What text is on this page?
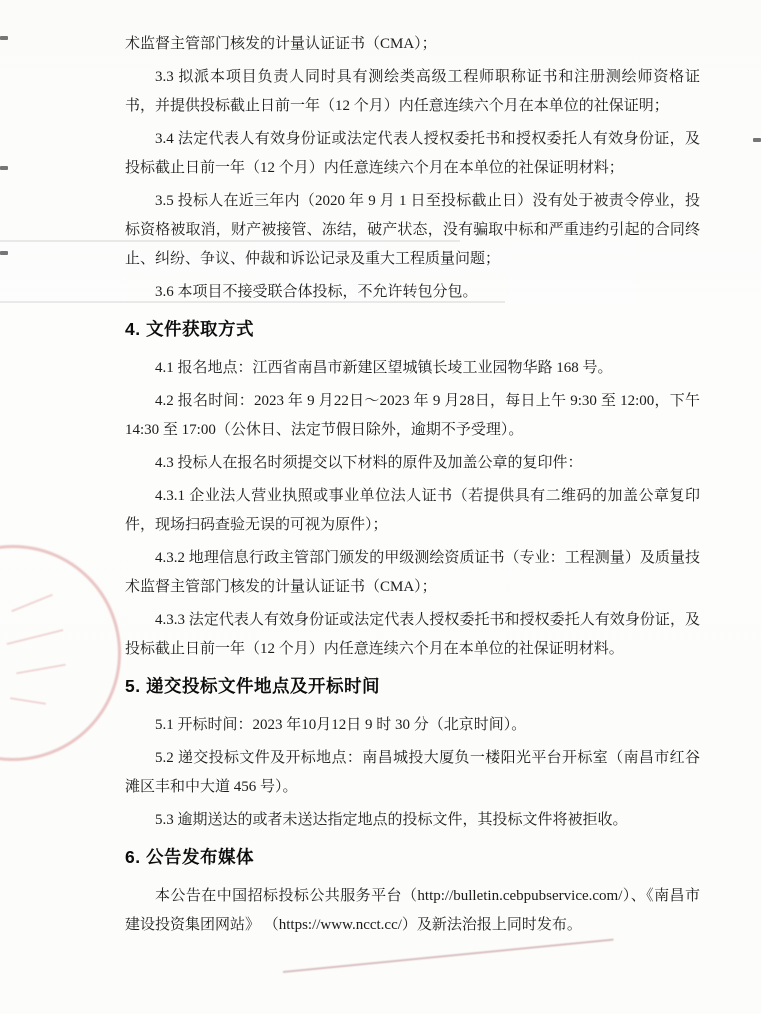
术监督主管部门核发的计量认证证书（CMA）；

3.3 拟派本项目负责人同时具有测绘类高级工程师职称证书和注册测绘师资格证书，并提供投标截止日前一年（12 个月）内任意连续六个月在本单位的社保证明；

3.4 法定代表人有效身份证或法定代表人授权委托书和授权委托人有效身份证，及投标截止日前一年（12 个月）内任意连续六个月在本单位的社保证明材料；

3.5 投标人在近三年内（2020 年 9 月 1 日至投标截止日）没有处于被责令停业，投标资格被取消，财产被接管、冻结，破产状态，没有骗取中标和严重违约引起的合同终止、纠纷、争议、仲裁和诉讼记录及重大工程质量问题；

3.6 本项目不接受联合体投标，不允许转包分包。

4. 文件获取方式

4.1 报名地点：江西省南昌市新建区望城镇长堎工业园物华路 168 号。

4.2 报名时间：2023 年 9 月22日～2023 年 9 月28日，每日上午 9:30 至 12:00，下午 14:30 至 17:00（公休日、法定节假日除外，逾期不予受理）。

4.3 投标人在报名时须提交以下材料的原件及加盖公章的复印件：

4.3.1 企业法人营业执照或事业单位法人证书（若提供具有二维码的加盖公章复印件，现场扫码查验无误的可视为原件）；

4.3.2 地理信息行政主管部门颁发的甲级测绘资质证书（专业：工程测量）及质量技术监督主管部门核发的计量认证证书（CMA）；

4.3.3 法定代表人有效身份证或法定代表人授权委托书和授权委托人有效身份证，及投标截止日前一年（12 个月）内任意连续六个月在本单位的社保证明材料。

5. 递交投标文件地点及开标时间

5.1 开标时间：2023 年10月12日 9 时 30 分（北京时间）。

5.2 递交投标文件及开标地点：南昌城投大厦负一楼阳光平台开标室（南昌市红谷滩区丰和中大道 456 号）。

5.3 逾期送达的或者未送达指定地点的投标文件，其投标文件将被拒收。

6. 公告发布媒体

本公告在中国招标投标公共服务平台（http://bulletin.cebpubservice.com/）、《南昌市建设投资集团网站》 （https://www.ncct.cc/）及新法治报上同时发布。
